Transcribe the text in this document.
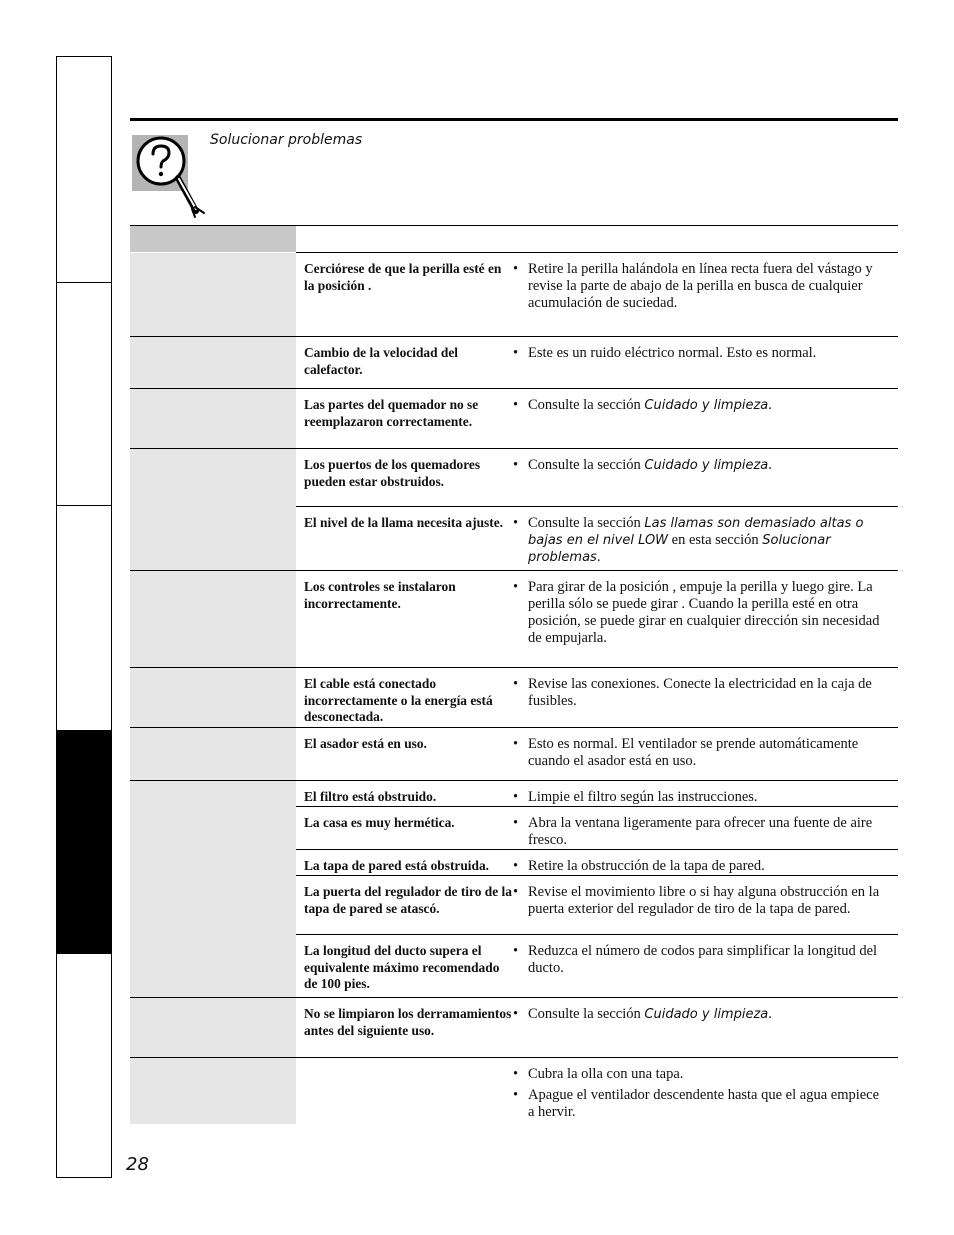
Solucionar problemas
Cerciórese de que la perilla esté en la posición .
• Retire la perilla halándola en línea recta fuera del vástago y revise la parte de abajo de la perilla en busca de cualquier acumulación de suciedad.
Cambio de la velocidad del calefactor.
• Este es un ruido eléctrico normal. Esto es normal.
Las partes del quemador no se reemplazaron correctamente.
• Consulte la sección Cuidado y limpieza.
Los puertos de los quemadores pueden estar obstruidos.
• Consulte la sección Cuidado y limpieza.
El nivel de la llama necesita ajuste. • Consulte la sección Las llamas son demasiado altas o bajas en el nivel LOW en esta sección Solucionar problemas.
Los controles se instalaron incorrectamente.
• Para girar de la posición , empuje la perilla y luego gire. La perilla sólo se puede girar . Cuando la perilla esté en otra posición, se puede girar en cualquier dirección sin necesidad de empujarla.
El cable está conectado incorrectamente o la energía está desconectada.
• Revise las conexiones. Conecte la electricidad en la caja de fusibles.
El asador está en uso.	• Esto es normal. El ventilador se prende automáticamente cuando el asador está en uso.
El filtro está obstruido.	• Limpie el filtro según las instrucciones.
La casa es muy hermética.	• Abra la ventana ligeramente para ofrecer una fuente de aire fresco.
La tapa de pared está obstruida.	• Retire la obstrucción de la tapa de pared.
La puerta del regulador de tiro de la tapa de pared se atascó.
• Revise el movimiento libre o si hay alguna obstrucción en la puerta exterior del regulador de tiro de la tapa de pared.
La longitud del ducto supera el equivalente máximo recomendado de 100 pies.
• Reduzca el número de codos para simplificar la longitud del ducto.
No se limpiaron los derramamientos antes del siguiente uso.
• Consulte la sección Cuidado y limpieza.
• Cubra la olla con una tapa.
• Apague el ventilador descendente hasta que el agua empiece a hervir.
28
